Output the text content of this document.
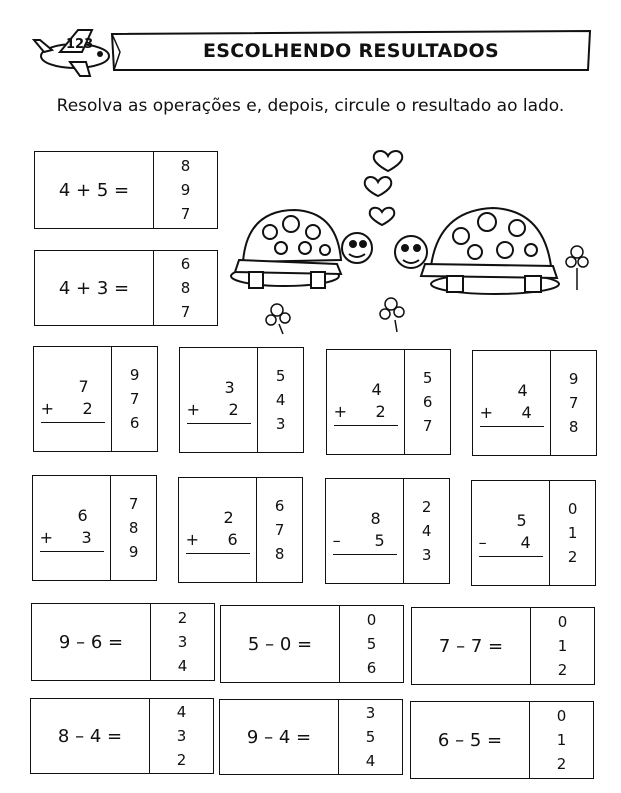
123	ESCOLHENDO RESULTADOS
Resolva as operações e, depois, circule o resultado ao lado.
4 + 5 =
8
9
7
4 + 3 =
6
8
7
7
+ 2
9
7
6
3
+ 2
5
4
3
4
+ 2
5
6
7
4
+ 4
9
7
8
6
+ 3
7
8
9
2
+ 6
6
7
8
8
– 5
2
4
3
5
– 4
0
1
2
9 – 6 =
2
3
4
5 – 0 =
0
5
6
7 – 7 =
0
1
2
8 – 4 =
4
3
2
9 – 4 =
3
5
4
6 – 5 =
0
1
2
